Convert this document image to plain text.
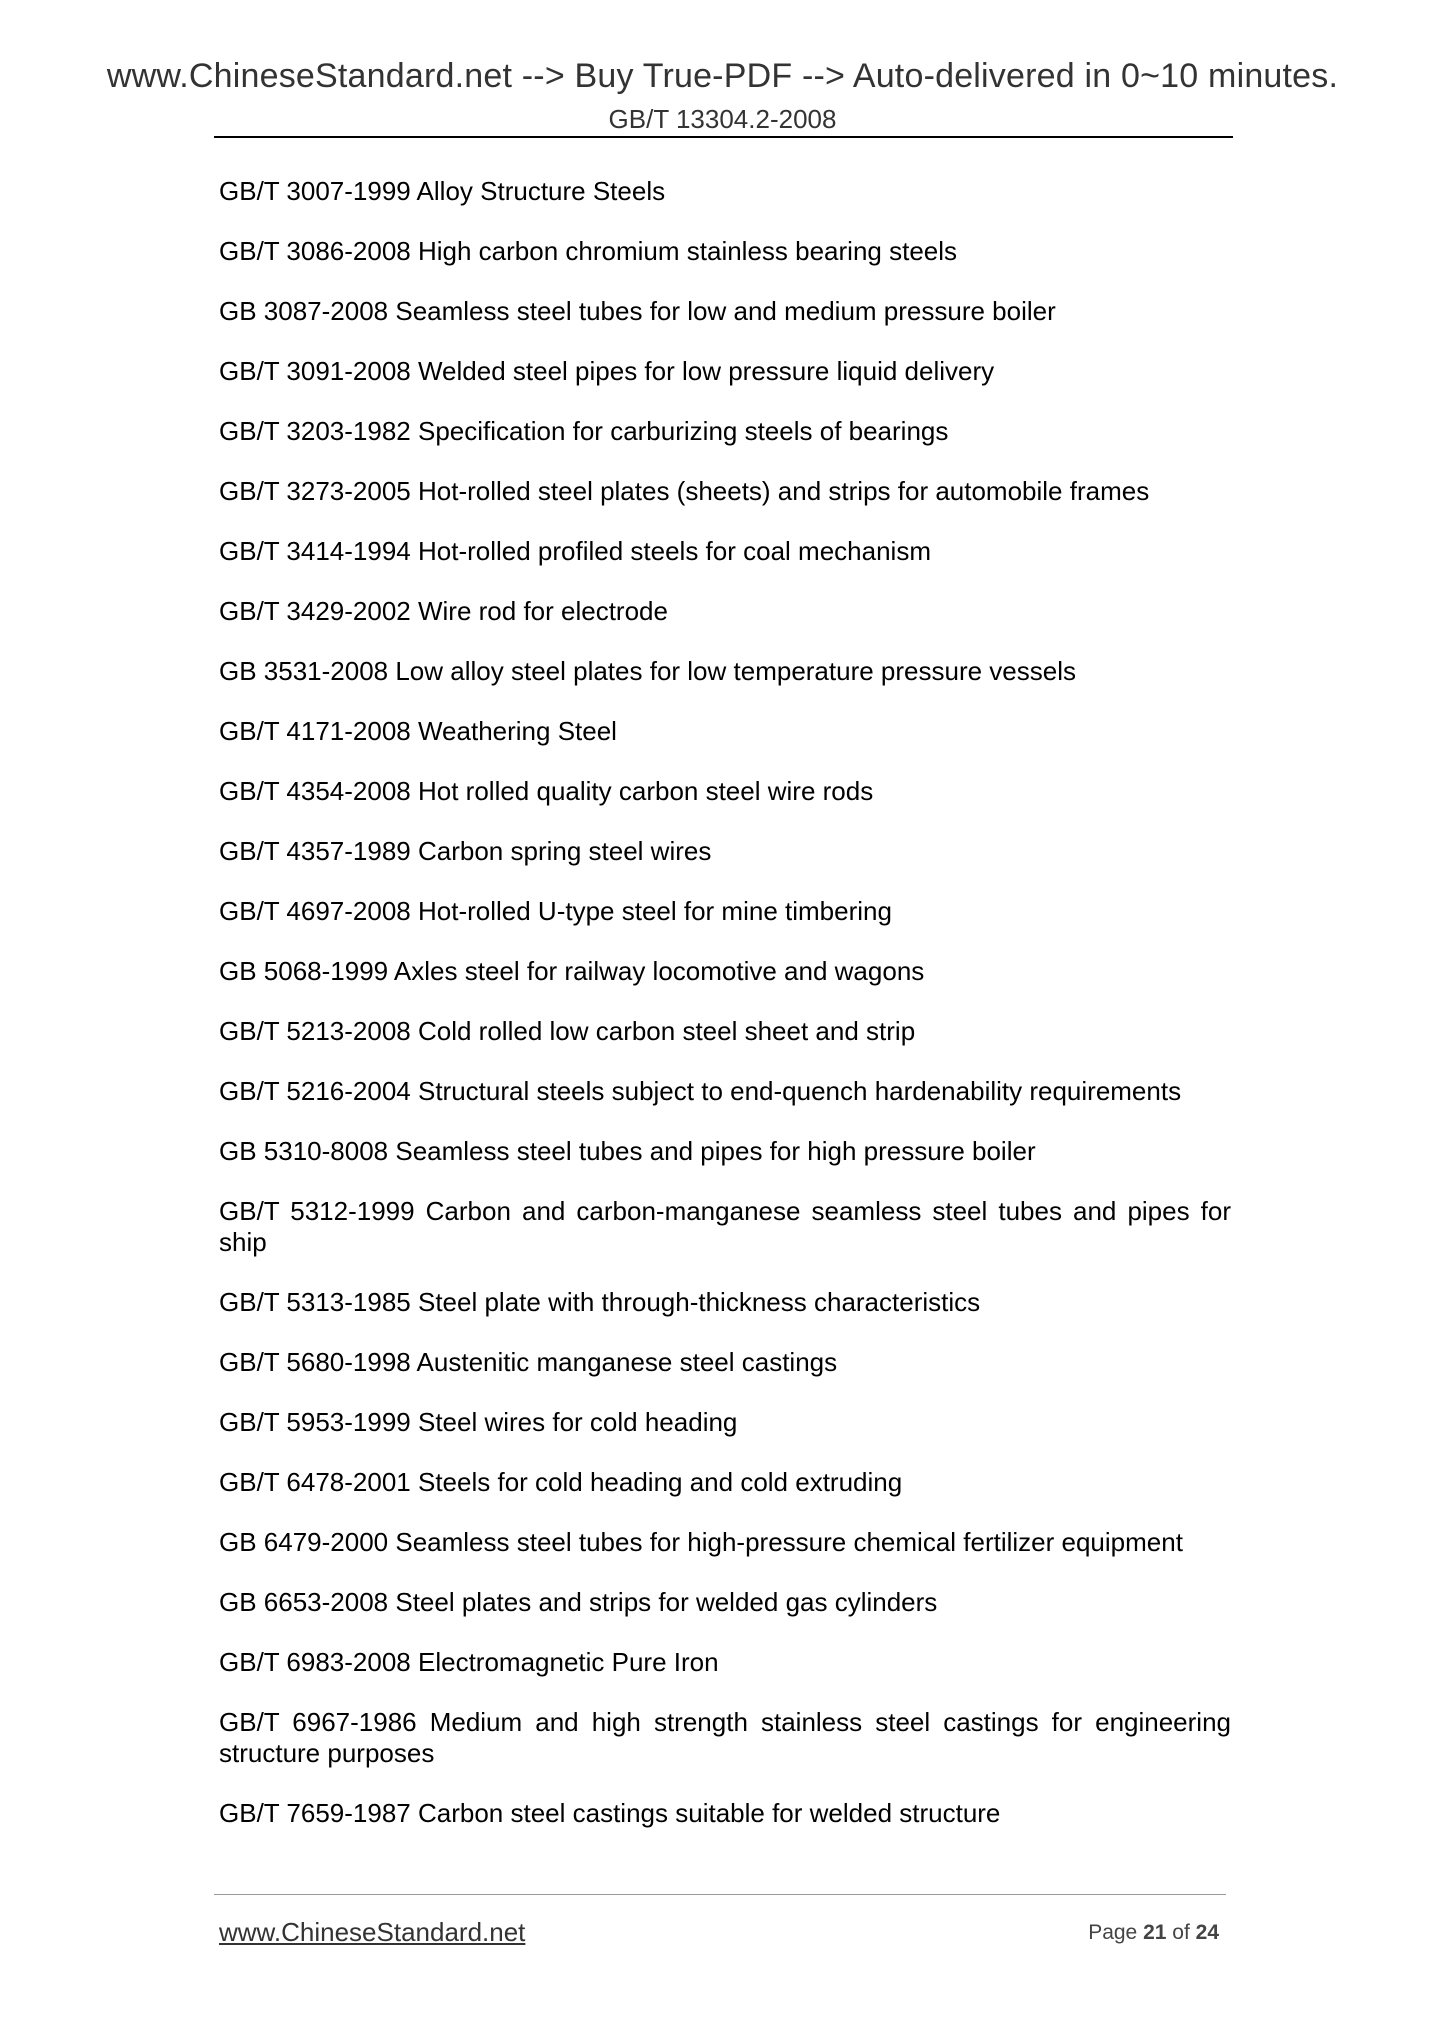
www.ChineseStandard.net --> Buy True-PDF --> Auto-delivered in 0~10 minutes.
GB/T 13304.2-2008
GB/T 3007-1999 Alloy Structure Steels
GB/T 3086-2008 High carbon chromium stainless bearing steels
GB 3087-2008 Seamless steel tubes for low and medium pressure boiler
GB/T 3091-2008 Welded steel pipes for low pressure liquid delivery
GB/T 3203-1982 Specification for carburizing steels of bearings
GB/T 3273-2005 Hot-rolled steel plates (sheets) and strips for automobile frames
GB/T 3414-1994 Hot-rolled profiled steels for coal mechanism
GB/T 3429-2002 Wire rod for electrode
GB 3531-2008 Low alloy steel plates for low temperature pressure vessels
GB/T 4171-2008 Weathering Steel
GB/T 4354-2008 Hot rolled quality carbon steel wire rods
GB/T 4357-1989 Carbon spring steel wires
GB/T 4697-2008 Hot-rolled U-type steel for mine timbering
GB 5068-1999 Axles steel for railway locomotive and wagons
GB/T 5213-2008 Cold rolled low carbon steel sheet and strip
GB/T 5216-2004 Structural steels subject to end-quench hardenability requirements
GB 5310-8008 Seamless steel tubes and pipes for high pressure boiler
GB/T 5312-1999 Carbon and carbon-manganese seamless steel tubes and pipes for ship
GB/T 5313-1985 Steel plate with through-thickness characteristics
GB/T 5680-1998 Austenitic manganese steel castings
GB/T 5953-1999 Steel wires for cold heading
GB/T 6478-2001 Steels for cold heading and cold extruding
GB 6479-2000 Seamless steel tubes for high-pressure chemical fertilizer equipment
GB 6653-2008 Steel plates and strips for welded gas cylinders
GB/T 6983-2008 Electromagnetic Pure Iron
GB/T 6967-1986 Medium and high strength stainless steel castings for engineering structure purposes
GB/T 7659-1987 Carbon steel castings suitable for welded structure
www.ChineseStandard.net	Page 21 of 24
